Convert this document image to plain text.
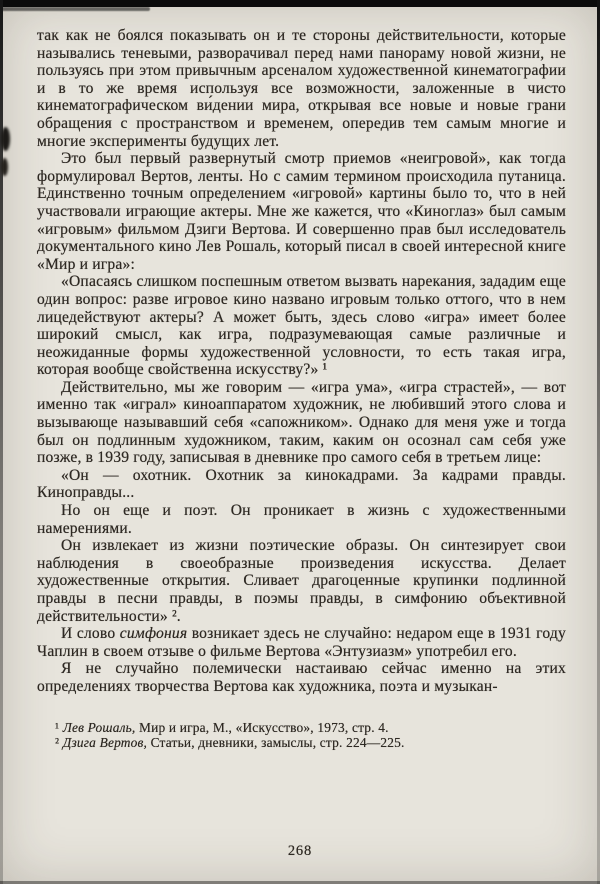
так как не боялся показывать он и те стороны действительности, которые назывались теневыми, разворачивал перед нами панораму новой жизни, не пользуясь при этом привычным арсеналом художественной кинематографии и в то же время используя все возможности, заложенные в чисто кинематографическом ви́дении мира, открывая все новые и новые грани обращения с пространством и временем, опередив тем самым многие и многие эксперименты будущих лет.

Это был первый развернутый смотр приемов «неигровой», как тогда формулировал Вертов, ленты. Но с самим термином происходила путаница. Единственно точным определением «игровой» картины было то, что в ней участвовали играющие актеры. Мне же кажется, что «Киноглаз» был самым «игровым» фильмом Дзиги Вертова. И совершенно прав был исследователь документального кино Лев Рошаль, который писал в своей интересной книге «Мир и игра»:

«Опасаясь слишком поспешным ответом вызвать нарекания, зададим еще один вопрос: разве игровое кино названо игровым только оттого, что в нем лицедействуют актеры? А может быть, здесь слово «игра» имеет более широкий смысл, как игра, подразумевающая самые различные и неожиданные формы художественной условности, то есть такая игра, которая вообще свойственна искусству?» ¹

Действительно, мы же говорим — «игра ума», «игра страстей», — вот именно так «играл» киноаппаратом художник, не любивший этого слова и вызывающе называвший себя «сапожником». Однако для меня уже и тогда был он подлинным художником, таким, каким он осознал сам себя уже позже, в 1939 году, записывая в дневнике про самого себя в третьем лице:

«Он — охотник. Охотник за кинокадрами. За кадрами правды. Киноправды...

Но он еще и поэт. Он проникает в жизнь с художественными намерениями.

Он извлекает из жизни поэтические образы. Он синтезирует свои наблюдения в своеобразные произведения искусства. Делает художественные открытия. Сливает драгоценные крупинки подлинной правды в песни правды, в поэмы правды, в симфонию объективной действительности» ².

И слово симфония возникает здесь не случайно: недаром еще в 1931 году Чаплин в своем отзыве о фильме Вертова «Энтузиазм» употребил его.

Я не случайно полемически настаиваю сейчас именно на этих определениях творчества Вертова как художника, поэта и музыкан-

¹ Лев Рошаль, Мир и игра, М., «Искусство», 1973, стр. 4.

² Дзига Вертов, Статьи, дневники, замыслы, стр. 224—225.

268
